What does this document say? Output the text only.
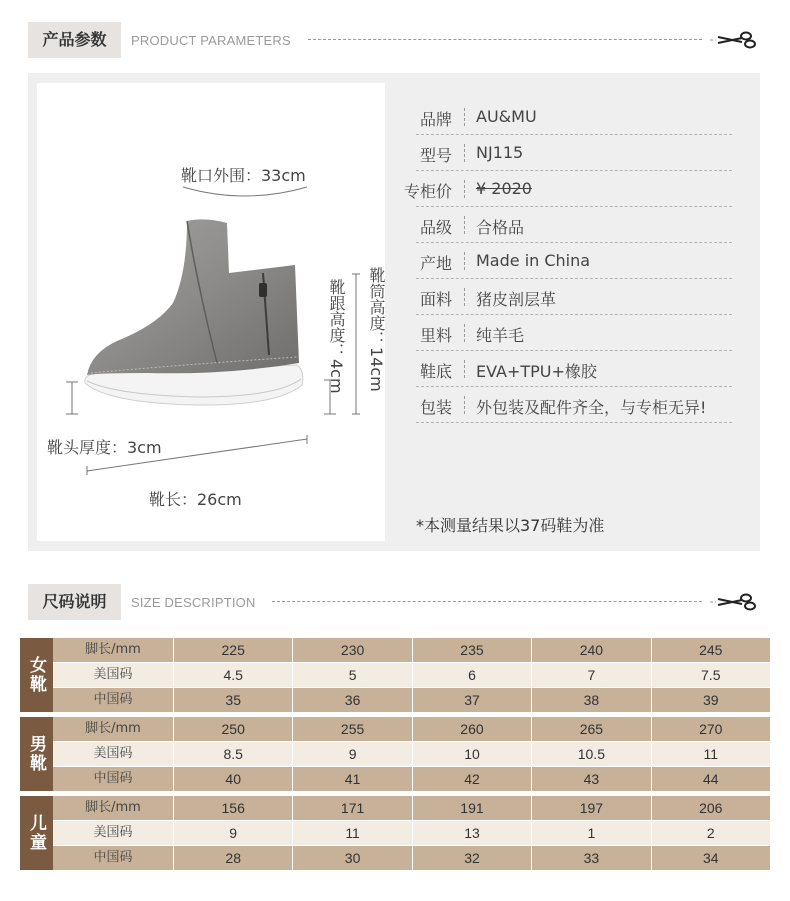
产品参数	PRODUCT PARAMETERS
靴口外围：33cm
靴头厚度：3cm
靴长：26cm
靴跟高度：4cm 靴筒高度：14cm
品牌 AU&MU
型号 NJ115
专柜价 ¥ 2020
品级 合格品
产地 Made in China
面料 猪皮剖层革
里料 纯羊毛
鞋底 EVA+TPU+橡胶
包装 外包装及配件齐全，与专柜无异!
*本测量结果以37码鞋为准
尺码说明	SIZE DESCRIPTION
女靴
脚长/mm	225	230	235	240	245
美国码	4.5	5	6	7	7.5
中国码	35	36	37	38	39
男靴
脚长/mm	250	255	260	265	270
美国码	8.5	9	10	10.5	11
中国码	40	41	42	43	44
儿童
脚长/mm	156	171	191	197	206
美国码	9	11	13	1	2
中国码	28	30	32	33	34
